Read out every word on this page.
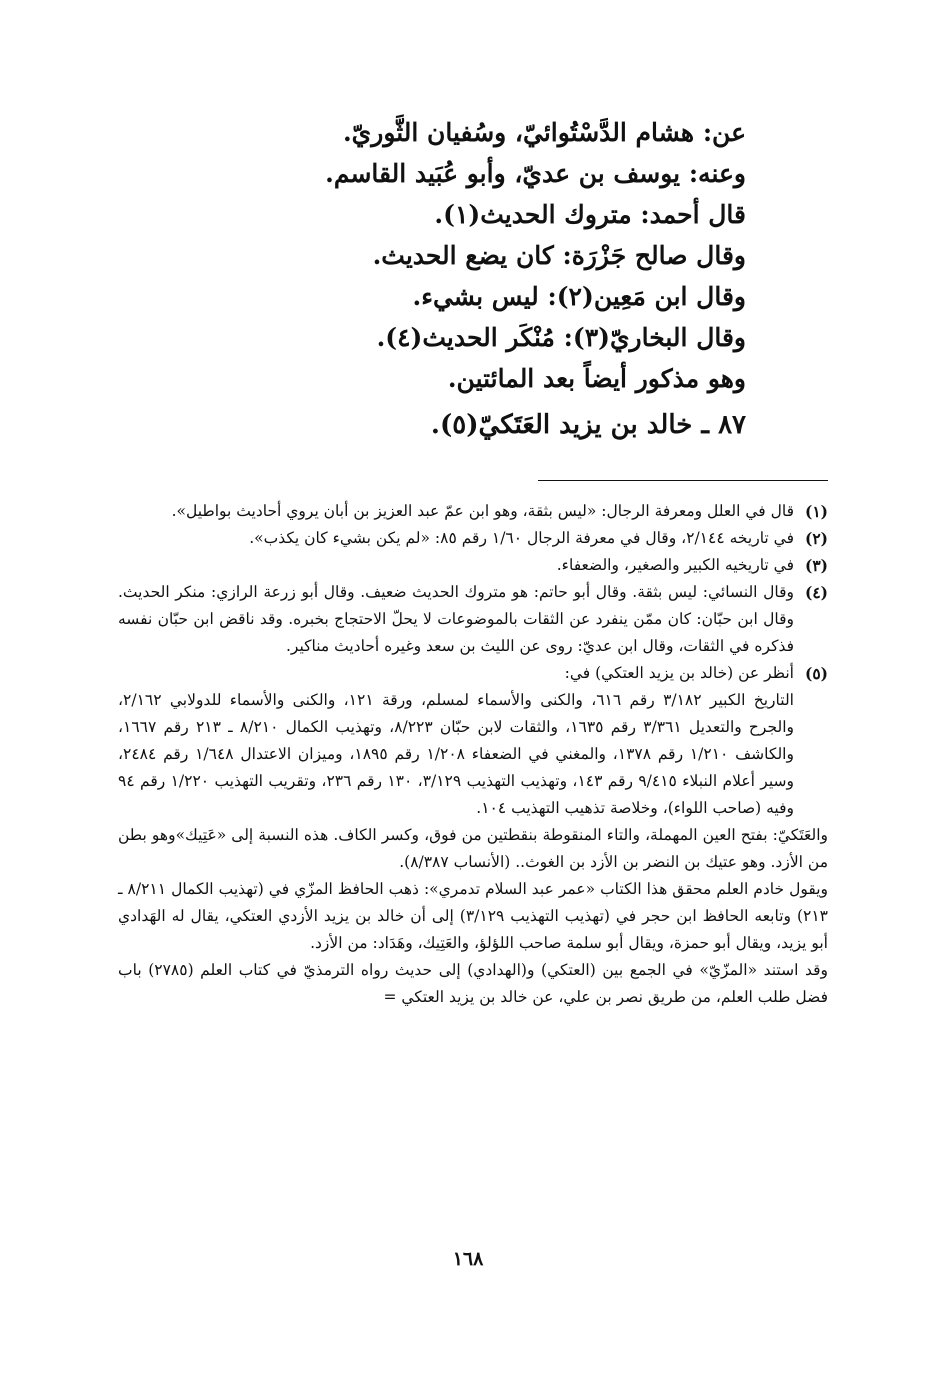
عن: هشام الدَّسْتُوائيّ، وسُفيان الثَّوريّ.
وعنه: يوسف بن عديّ، وأبو عُبَيد القاسم.
قال أحمد: متروك الحديث(١).
وقال صالح جَزْرَة: كان يضع الحديث.
وقال ابن مَعِين(٢): ليس بشيء.
وقال البخاريّ(٣): مُنْكَر الحديث(٤).
وهو مذكور أيضاً بعد المائتين.
٨٧ ـ خالد بن يزيد العَتَكيّ(٥).
(١)
قال في العلل ومعرفة الرجال: «ليس بثقة، وهو ابن عمّ عبد العزيز بن أبان يروي أحاديث بواطيل».
(٢)
في تاريخه ٢/١٤٤، وقال في معرفة الرجال ١/٦٠ رقم ٨٥: «لم يكن بشيء كان يكذب».
(٣)
في تاريخيه الكبير والصغير، والضعفاء.
(٤)
وقال النسائي: ليس بثقة. وقال أبو حاتم: هو متروك الحديث ضعيف. وقال أبو زرعة الرازي: منكر الحديث. وقال ابن حبّان: كان ممّن ينفرد عن الثقات بالموضوعات لا يحلّ الاحتجاج بخبره. وقد ناقض ابن حبّان نفسه فذكره في الثقات، وقال ابن عديّ: روى عن الليث بن سعد وغيره أحاديث مناكير.
(٥)
أنظر عن (خالد بن يزيد العتكي) في:

التاريخ الكبير ٣/١٨٢ رقم ٦١٦، والكنى والأسماء لمسلم، ورقة ١٢١، والكنى والأسماء للدولابي ٢/١٦٢، والجرح والتعديل ٣/٣٦١ رقم ١٦٣٥، والثقات لابن حبّان ٨/٢٢٣، وتهذيب الكمال ٨/٢١٠ ـ ٢١٣ رقم ١٦٦٧، والكاشف ١/٢١٠ رقم ١٣٧٨، والمغني في الضعفاء ١/٢٠٨ رقم ١٨٩٥، وميزان الاعتدال ١/٦٤٨ رقم ٢٤٨٤، وسير أعلام النبلاء ٩/٤١٥ رقم ١٤٣، وتهذيب التهذيب ٣/١٢٩، ١٣٠ رقم ٢٣٦، وتقريب التهذيب ١/٢٢٠ رقم ٩٤ وفيه (صاحب اللواء)، وخلاصة تذهيب التهذيب ١٠٤.

والعَتَكيّ: بفتح العين المهملة، والتاء المنقوطة بنقطتين من فوق، وكسر الكاف. هذه النسبة إلى «عَتِيك»وهو بطن من الأزد. وهو عتيك بن النضر بن الأزد بن الغوث.. (الأنساب ٨/٣٨٧).

ويقول خادم العلم محقق هذا الكتاب «عمر عبد السلام تدمري»: ذهب الحافظ المزّي في (تهذيب الكمال ٨/٢١١ ـ ٢١٣) وتابعه الحافظ ابن حجر في (تهذيب التهذيب ٣/١٢٩) إلى أن خالد بن يزيد الأزدي العتكي، يقال له الهَدادي أبو يزيد، ويقال أبو حمزة، ويقال أبو سلمة صاحب اللؤلؤ، والعَتِيك، وهَدَاد: من الأزد.

وقد استند «المزّيّ» في الجمع بين (العتكي) و(الهدادي) إلى حديث رواه الترمذيّ في كتاب العلم (٢٧٨٥) باب فضل طلب العلم، من طريق نصر بن علي، عن خالد بن يزيد العتكي =

١٦٨
